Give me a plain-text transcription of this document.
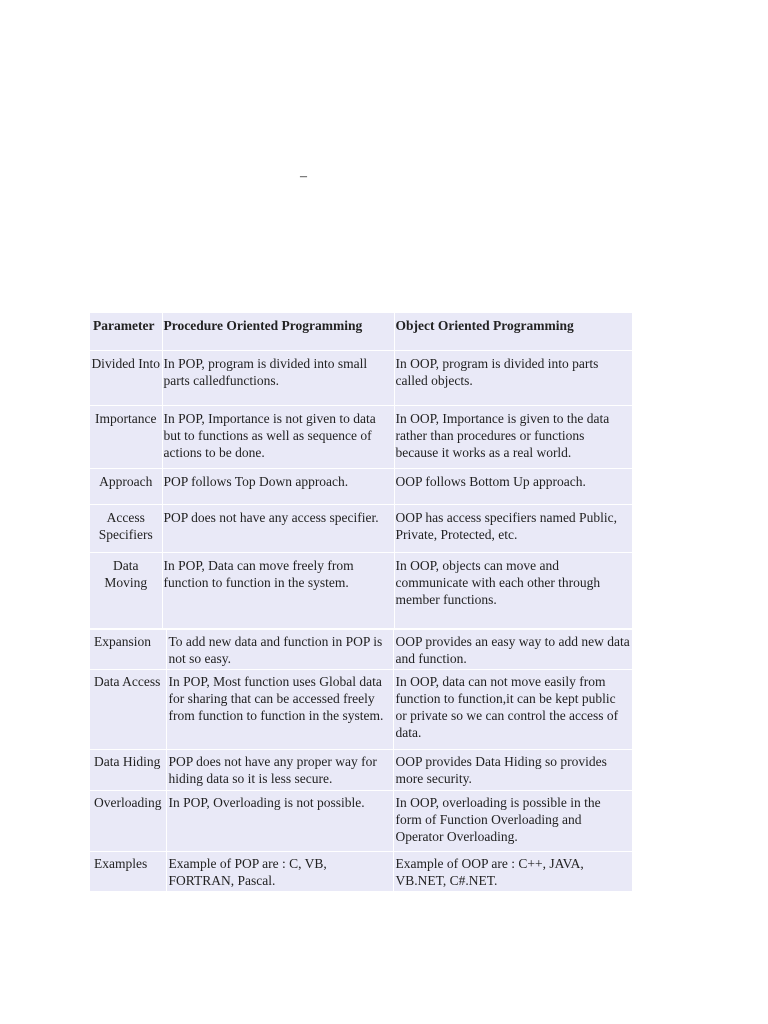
–
Parameter	Procedure Oriented Programming	Object Oriented Programming
Divided Into	In POP, program is divided into small parts calledfunctions.	In OOP, program is divided into parts called objects.
Importance	In POP, Importance is not given to data but to functions as well as sequence of actions to be done.	In OOP, Importance is given to the data rather than procedures or functions because it works as a real world.
Approach	POP follows Top Down approach.	OOP follows Bottom Up approach.
Access Specifiers	POP does not have any access specifier.	OOP has access specifiers named Public, Private, Protected, etc.
Data Moving	In POP, Data can move freely from function to function in the system.	In OOP, objects can move and communicate with each other through member functions.
Expansion	To add new data and function in POP is not so easy.	OOP provides an easy way to add new data and function.
Data Access	In POP, Most function uses Global data for sharing that can be accessed freely from function to function in the system.	In OOP, data can not move easily from function to function,it can be kept public or private so we can control the access of data.
Data Hiding	POP does not have any proper way for hiding data so it is less secure.	OOP provides Data Hiding so provides more security.
Overloading	In POP, Overloading is not possible.	In OOP, overloading is possible in the form of Function Overloading and Operator Overloading.
Examples	Example of POP are : C, VB, FORTRAN, Pascal.	Example of OOP are : C++, JAVA, VB.NET, C#.NET.
